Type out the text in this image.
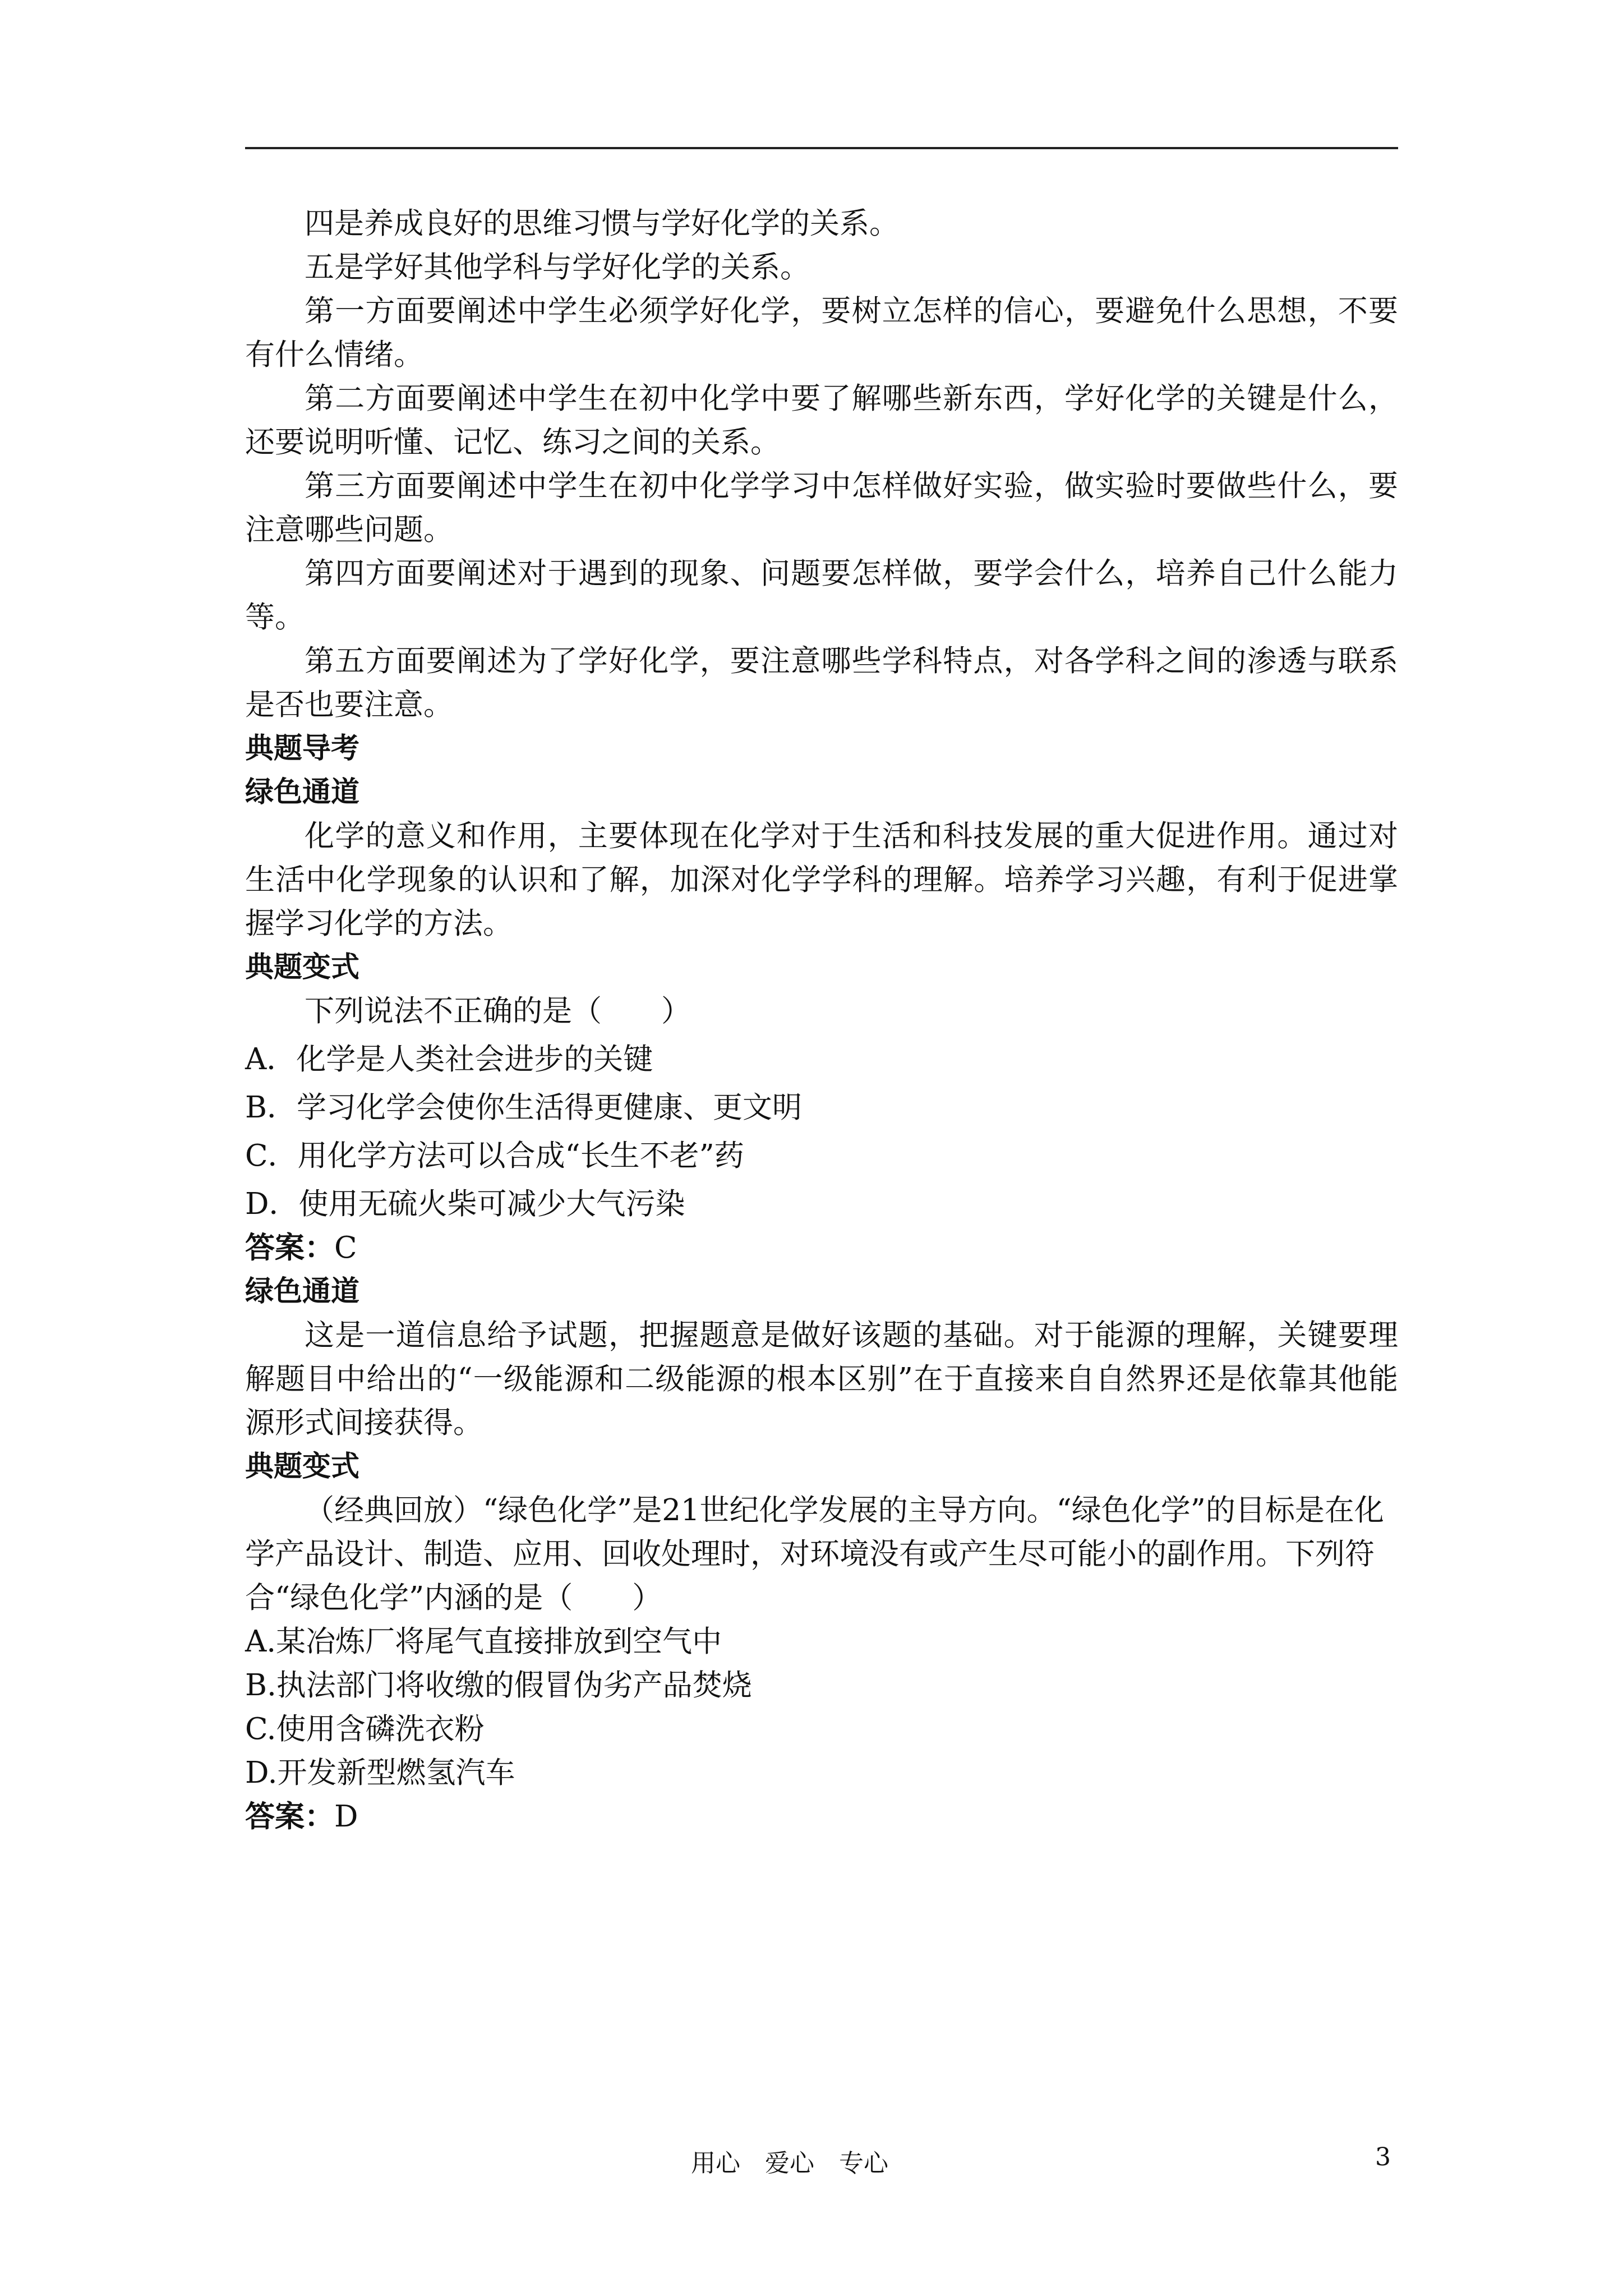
四是养成良好的思维习惯与学好化学的关系。

五是学好其他学科与学好化学的关系。

第一方面要阐述中学生必须学好化学，要树立怎样的信心，要避免什么思想，不要有什么情绪。

第二方面要阐述中学生在初中化学中要了解哪些新东西，学好化学的关键是什么，还要说明听懂、记忆、练习之间的关系。

第三方面要阐述中学生在初中化学学习中怎样做好实验，做实验时要做些什么，要注意哪些问题。

第四方面要阐述对于遇到的现象、问题要怎样做，要学会什么，培养自己什么能力等。

第五方面要阐述为了学好化学，要注意哪些学科特点，对各学科之间的渗透与联系是否也要注意。

典题导考

绿色通道

化学的意义和作用，主要体现在化学对于生活和科技发展的重大促进作用。通过对生活中化学现象的认识和了解，加深对化学学科的理解。培养学习兴趣，有利于促进掌握学习化学的方法。

典题变式

下列说法不正确的是（　　）

A．化学是人类社会进步的关键

B．学习化学会使你生活得更健康、更文明

C．用化学方法可以合成“长生不老”药

D．使用无硫火柴可减少大气污染

答案：C

绿色通道

这是一道信息给予试题，把握题意是做好该题的基础。对于能源的理解，关键要理解题目中给出的“一级能源和二级能源的根本区别”在于直接来自自然界还是依靠其他能源形式间接获得。

典题变式

（经典回放）“绿色化学”是21世纪化学发展的主导方向。“绿色化学”的目标是在化学产品设计、制造、应用、回收处理时，对环境没有或产生尽可能小的副作用。下列符合“绿色化学”内涵的是（　　）

A.某冶炼厂将尾气直接排放到空气中

B.执法部门将收缴的假冒伪劣产品焚烧

C.使用含磷洗衣粉

D.开发新型燃氢汽车

答案：D

用心　爱心　专心	3
